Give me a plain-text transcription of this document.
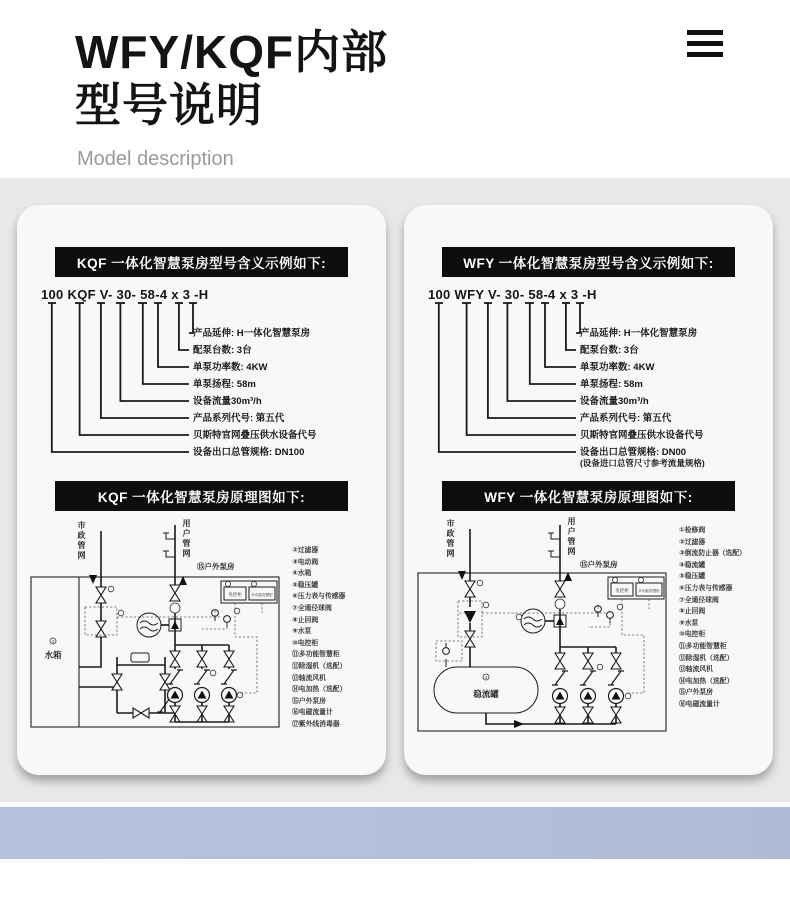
WFY/KQF内部
型号说明
Model description
KQF 一体化智慧泵房型号含义示例如下:
100 KQF V- 30- 58-4 x 3 -H
产品延伸: H一体化智慧泵房
配泵台数: 3台
单泵功率数: 4KW
单泵扬程: 58m
设备流量30m³/h
产品系列代号: 第五代
贝斯特官网叠压供水设备代号
设备出口总管规格: DN100
KQF 一体化智慧泵房原理图如下:
4
水箱
电控柜	多功能智慧柜
⑮户外泵房
市政管网	用户管网	②过滤器
③电动阀
④水箱
⑤稳压罐
⑥压力表与传感器
⑦全通径球阀
⑧止回阀
⑨水泵
⑩电控柜
⑪多功能智慧柜
⑫除湿机（选配）
⑬轴流风机
⑭电加热（选配）
⑮户外泵房
⑯电磁流量计
⑰紫外线消毒器
WFY 一体化智慧泵房型号含义示例如下:
100 WFY V- 30- 58-4 x 3 -H
产品延伸: H一体化智慧泵房
配泵台数: 3台
单泵功率数: 4KW
单泵扬程: 58m
设备流量30m³/h
产品系列代号: 第五代
贝斯特官网叠压供水设备代号
设备出口总管规格: DN00
(设备进口总管尺寸参考流量规格)
WFY 一体化智慧泵房原理图如下:
4
稳流罐
电控柜	多功能智慧柜
⑮户外泵房
市政管网	用户管网	①检修阀
②过滤器
③倒流防止器（选配）
④稳流罐
⑤稳压罐
⑥压力表与传感器
⑦全通径球阀
⑧止回阀
⑨水泵
⑩电控柜
⑪多功能智慧柜
⑫除湿机（选配）
⑬轴流风机
⑭电加热（选配）
⑮户外泵房
⑯电磁流量计
